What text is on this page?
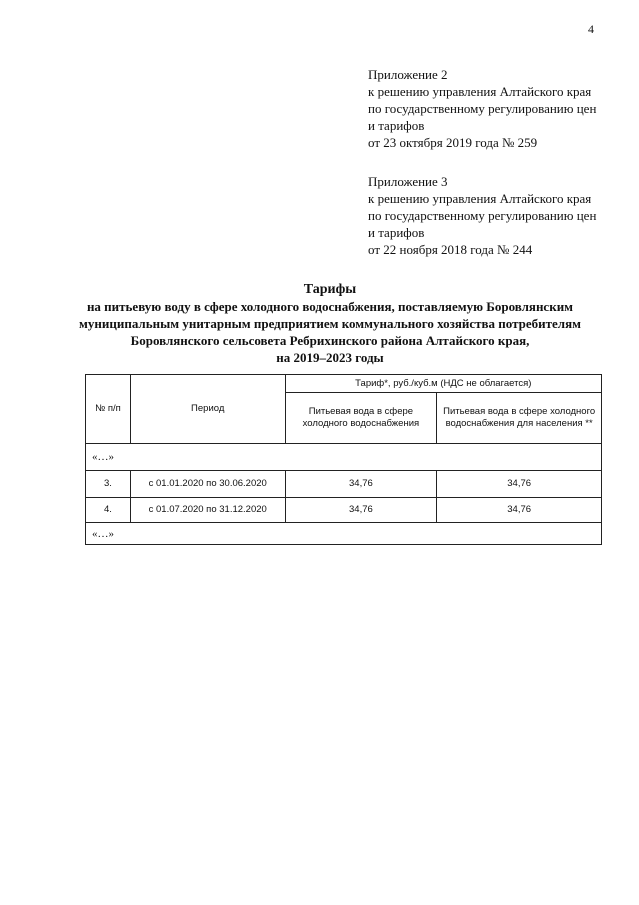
4
Приложение 2
к решению управления Алтайского края
по государственному регулированию цен
и тарифов
от 23 октября 2019 года № 259
Приложение 3
к решению управления Алтайского края
по государственному регулированию цен
и тарифов
от 22 ноября 2018 года № 244
Тарифы
на питьевую воду в сфере холодного водоснабжения, поставляемую Боровлянским
муниципальным унитарным предприятием коммунального хозяйства потребителям
Боровлянского сельсовета Ребрихинского района Алтайского края,
на 2019–2023 годы
№ п/п	Период	Тариф*, руб./куб.м (НДС не облагается)	
		Питьевая вода в сфере холодного водоснабжения	Питьевая вода в сфере холодного водоснабжения для населения **
«…»			
3.	с 01.01.2020 по 30.06.2020	34,76	34,76
4.	с 01.07.2020 по 31.12.2020	34,76	34,76
«…»			
